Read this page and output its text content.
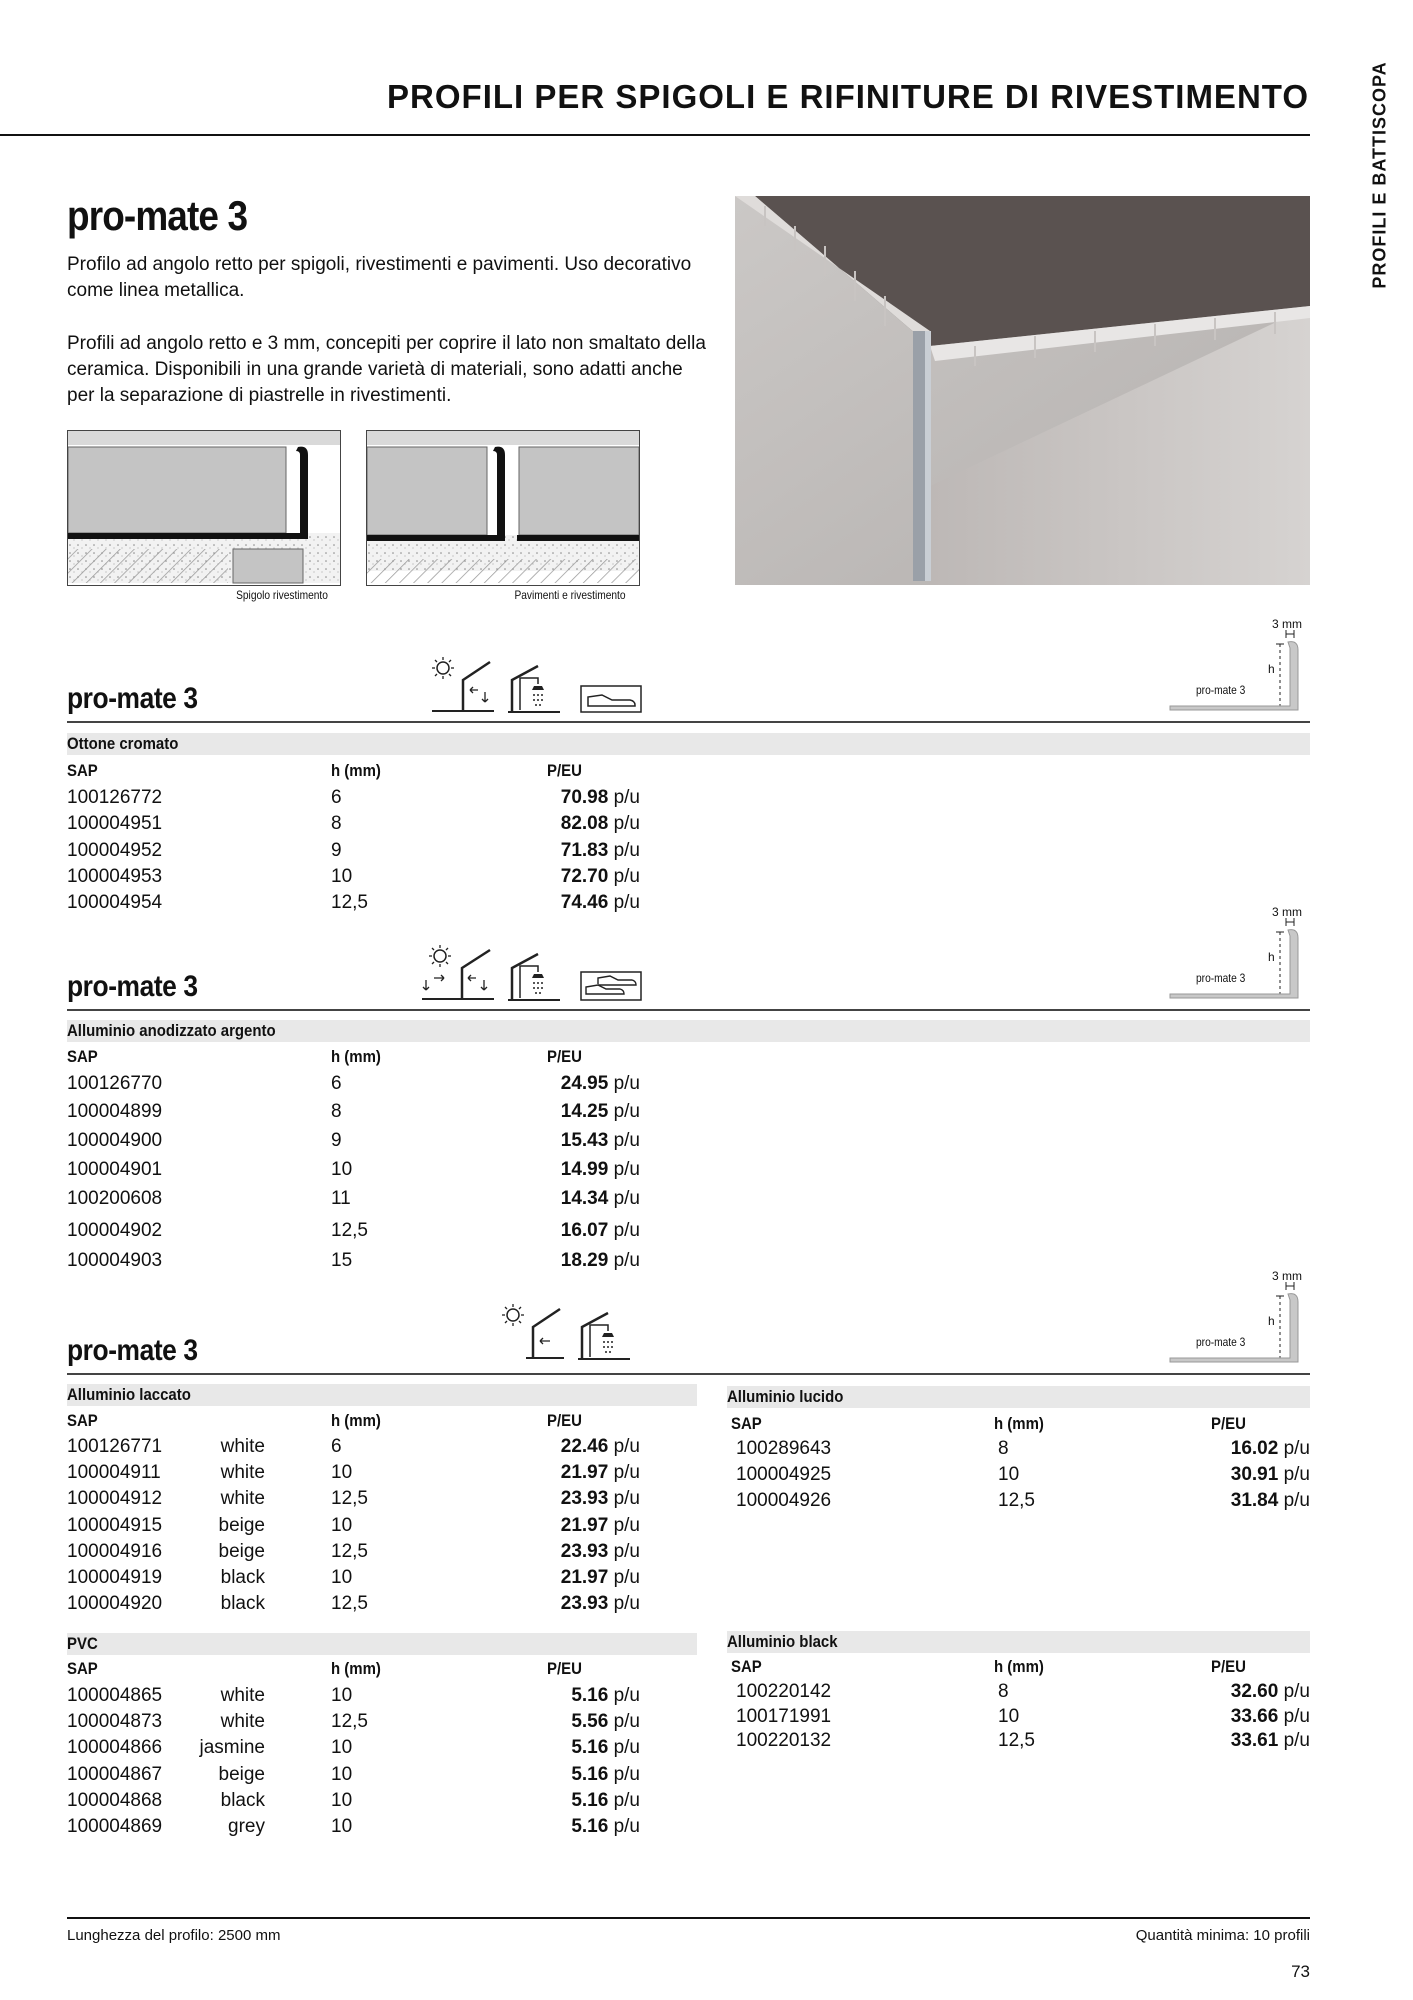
PROFILI PER SPIGOLI E RIFINITURE DI RIVESTIMENTO	PROFILI E BATTISCOPA
pro-mate 3
Profilo ad angolo retto per spigoli, rivestimenti e pavimenti. Uso decorativo come linea metallica.
Profili ad angolo retto e 3 mm, concepiti per coprire il lato non smaltato della ceramica. Disponibili in una grande varietà di materiali, sono adatti anche per la separazione di piastrelle in rivestimenti.
Spigolo rivestimento	Pavimenti e rivestimento
pro-mate 3
3 mm
h
pro-mate 3
Ottone cromato
SAP	h (mm)	P/EU
pro-mate 3
3 mm
h
pro-mate 3
Alluminio anodizzato argento
SAP	h (mm)	P/EU
pro-mate 3
3 mm
h
pro-mate 3
Alluminio laccato
SAP	h (mm)	P/EU
PVC
SAP	h (mm)	P/EU
Alluminio lucido
SAP	h (mm)	P/EU
Alluminio black
SAP	h (mm)	P/EU
Lunghezza del profilo: 2500 mm	Quantità minima: 10 profili
73
100126772	6	70.98 p/u
100004951	8	82.08 p/u
100004952	9	71.83 p/u
100004953	10	72.70 p/u
100004954	12,5	74.46 p/u
100126770	6	24.95 p/u
100004899	8	14.25 p/u
100004900	9	15.43 p/u
100004901	10	14.99 p/u
100200608	11	14.34 p/u
100004902	12,5	16.07 p/u
100004903	15	18.29 p/u
100126771	white	6	22.46 p/u
100004911	white	10	21.97 p/u
100004912	white	12,5	23.93 p/u
100004915	beige	10	21.97 p/u
100004916	beige	12,5	23.93 p/u
100004919	black	10	21.97 p/u
100004920	black	12,5	23.93 p/u
100004865	white	10	5.16 p/u
100004873	white	12,5	5.56 p/u
100004866	jasmine	10	5.16 p/u
100004867	beige	10	5.16 p/u
100004868	black	10	5.16 p/u
100004869	grey	10	5.16 p/u
100289643	8	16.02 p/u
100004925	10	30.91 p/u
100004926	12,5	31.84 p/u
100220142	8	32.60 p/u
100171991	10	33.66 p/u
100220132	12,5	33.61 p/u
